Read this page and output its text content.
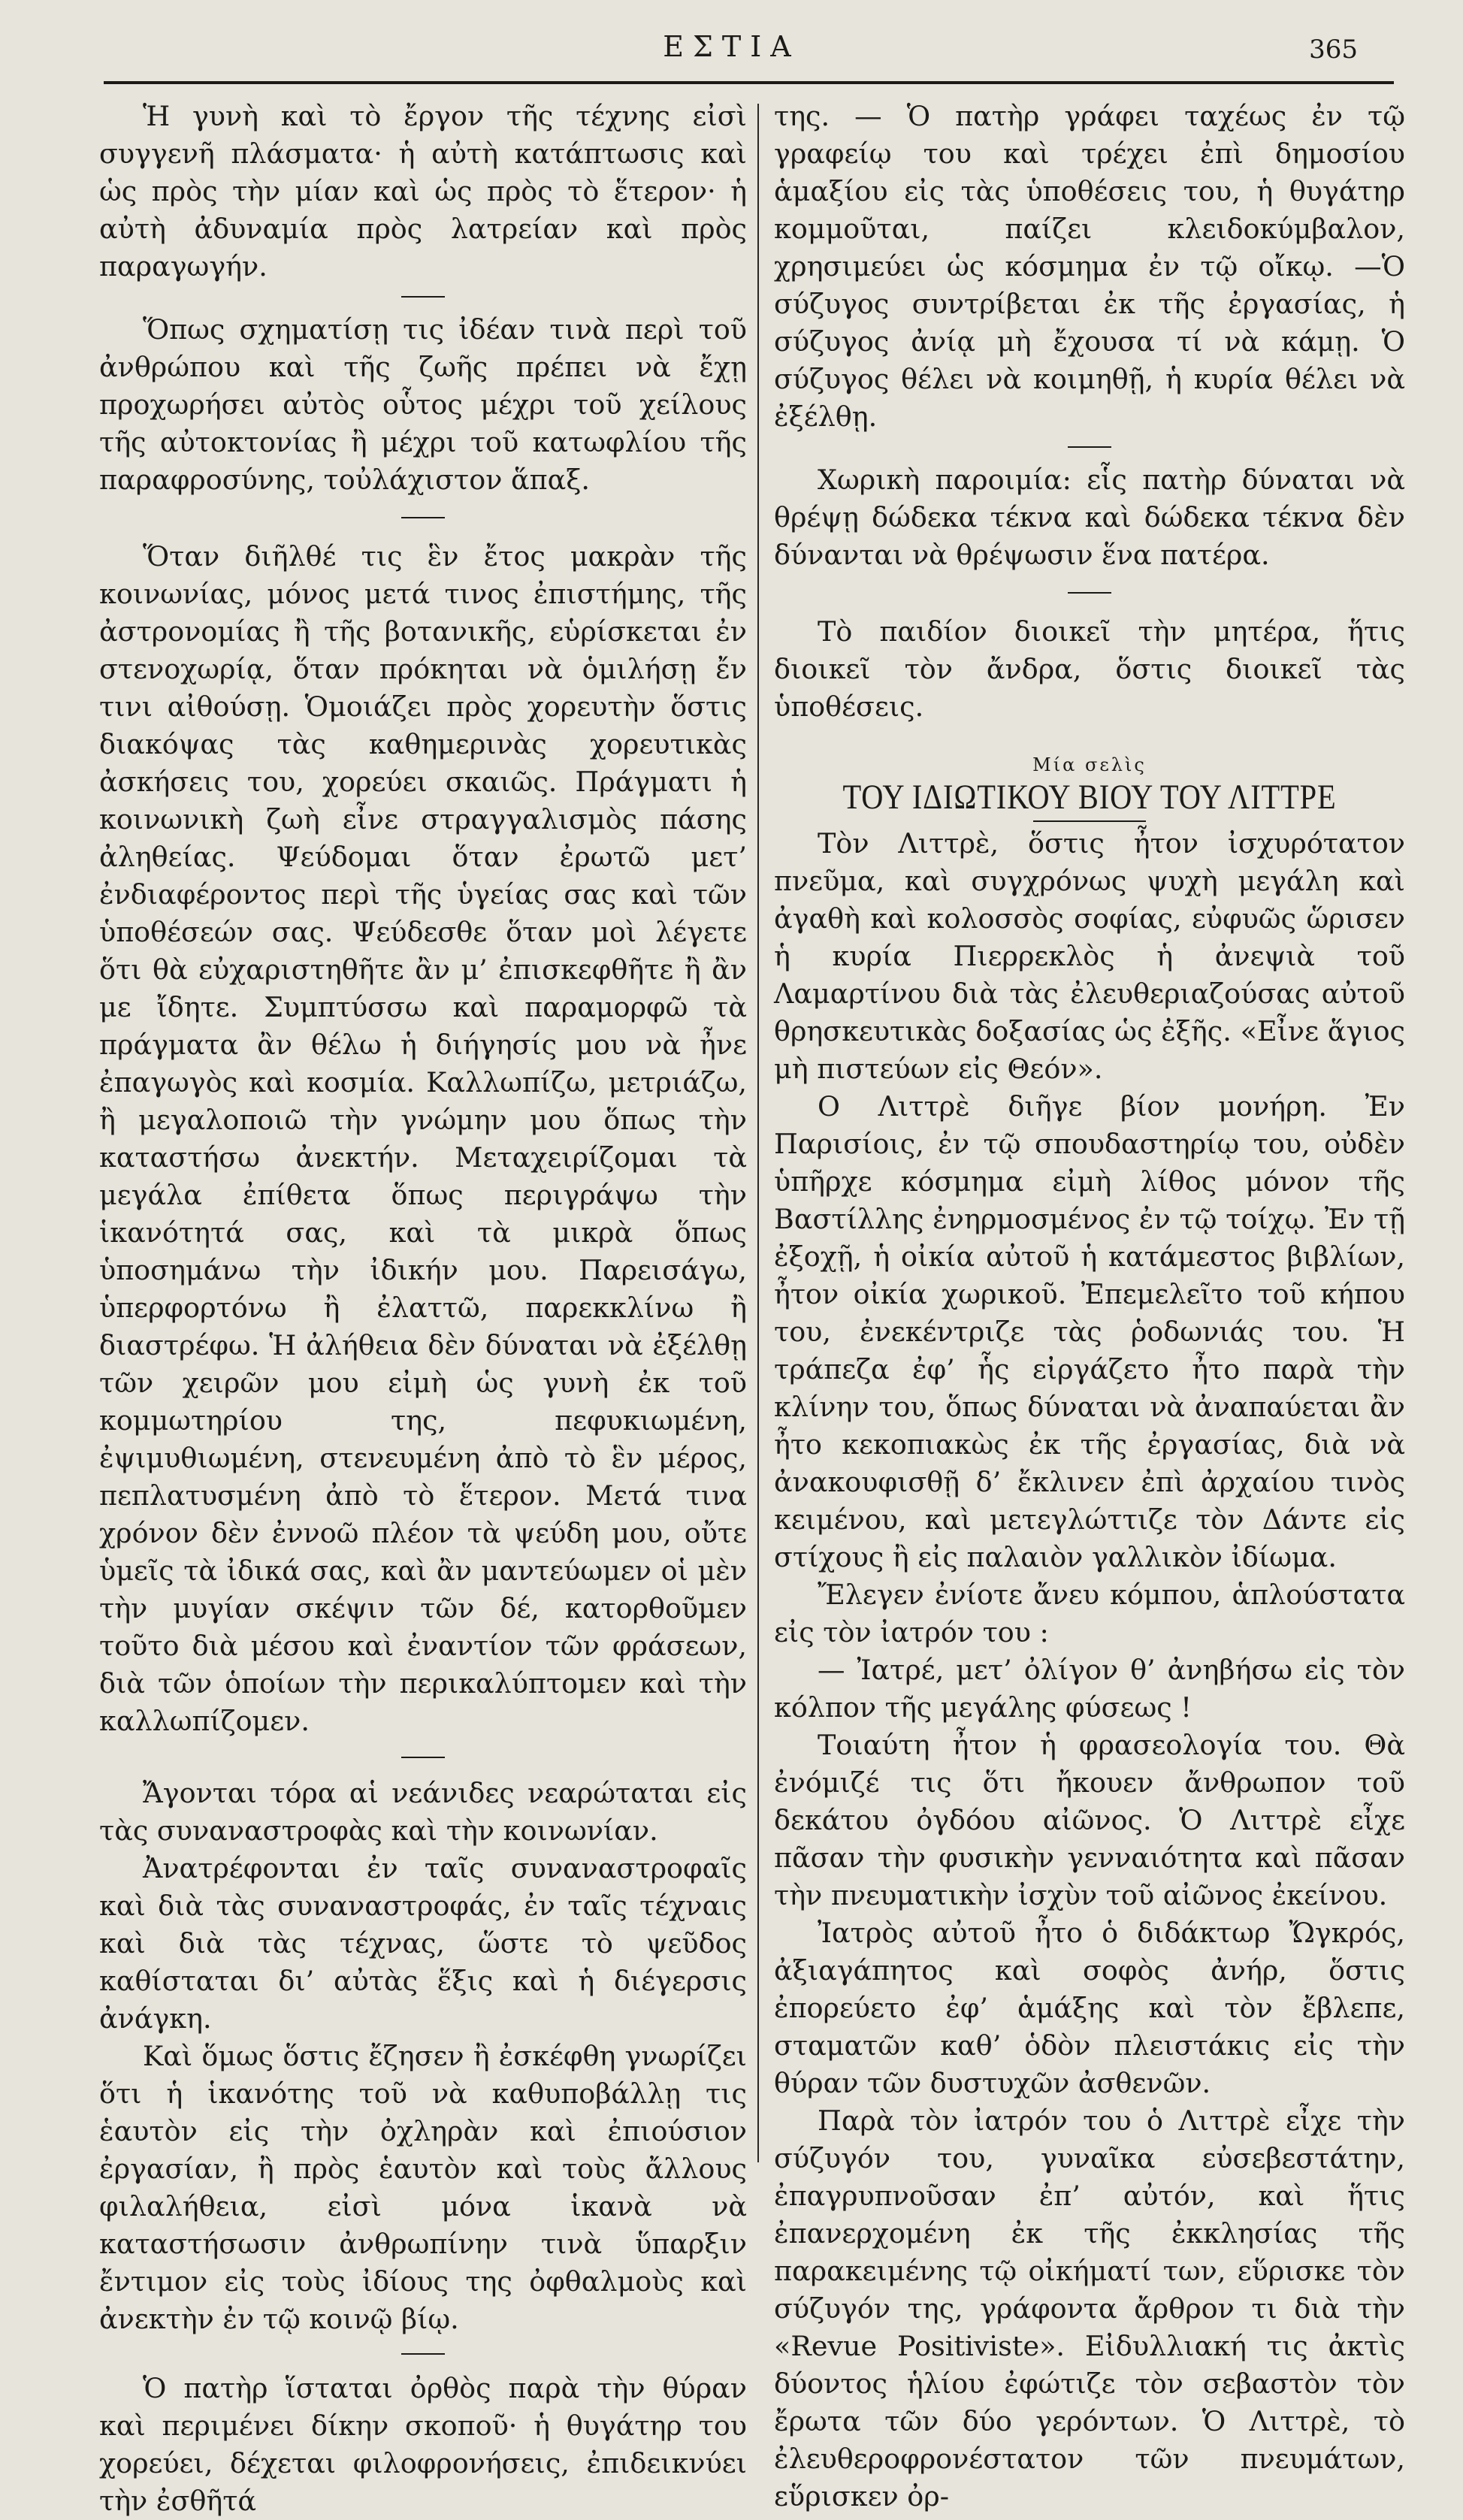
ΕΣΤΙΑ	365

Ἡ γυνὴ καὶ τὸ ἔργον τῆς τέχνης εἰσὶ συγγενῆ πλάσματα· ἡ αὐτὴ κατάπτωσις καὶ ὡς πρὸς τὴν μίαν καὶ ὡς πρὸς τὸ ἕτερον· ἡ αὐτὴ ἀδυναμία πρὸς λατρείαν καὶ πρὸς παραγωγήν.

Ὅπως σχηματίσῃ τις ἰδέαν τινὰ περὶ τοῦ ἀνθρώπου καὶ τῆς ζωῆς πρέπει νὰ ἔχῃ προχωρήσει αὐτὸς οὗτος μέχρι τοῦ χείλους τῆς αὐτοκτονίας ἢ μέχρι τοῦ κατωφλίου τῆς παραφροσύνης, τοὐλάχιστον ἅπαξ.

Ὅταν διῆλθέ τις ἓν ἔτος μακρὰν τῆς κοινωνίας, μόνος μετά τινος ἐπιστήμης, τῆς ἀστρονομίας ἢ τῆς βοτανικῆς, εὑρίσκεται ἐν στενοχωρίᾳ, ὅταν πρόκηται νὰ ὁμιλήσῃ ἔν τινι αἰθούσῃ. Ὁμοιάζει πρὸς χορευτὴν ὅστις διακόψας τὰς καθημερινὰς χορευτικὰς ἀσκήσεις του, χορεύει σκαιῶς. Πράγματι ἡ κοινωνικὴ ζωὴ εἶνε στραγγαλισμὸς πάσης ἀληθείας. Ψεύδομαι ὅταν ἐρωτῶ μετ’ ἐνδιαφέροντος περὶ τῆς ὑγείας σας καὶ τῶν ὑποθέσεών σας. Ψεύδεσθε ὅταν μοὶ λέγετε ὅτι θὰ εὐχαριστηθῆτε ἂν μ’ ἐπισκεφθῆτε ἢ ἂν με ἴδητε. Συμπτύσσω καὶ παραμορφῶ τὰ πράγματα ἂν θέλω ἡ διήγησίς μου νὰ ἦνε ἐπαγωγὸς καὶ κοσμία. Καλλωπίζω, μετριάζω, ἢ μεγαλοποιῶ τὴν γνώμην μου ὅπως τὴν καταστήσω ἀνεκτήν. Μεταχειρίζομαι τὰ μεγάλα ἐπίθετα ὅπως περιγράψω τὴν ἱκανότητά σας, καὶ τὰ μικρὰ ὅπως ὑποσημάνω τὴν ἰδικήν μου. Παρεισάγω, ὑπερφορτόνω ἢ ἐλαττῶ, παρεκκλίνω ἢ διαστρέφω. Ἡ ἀλήθεια δὲν δύναται νὰ ἐξέλθῃ τῶν χειρῶν μου εἰμὴ ὡς γυνὴ ἐκ τοῦ κομμωτηρίου της, πεφυκιωμένη, ἐψιμυθιωμένη, στενευμένη ἀπὸ τὸ ἓν μέρος, πεπλατυσμένη ἀπὸ τὸ ἕτερον. Μετά τινα χρόνον δὲν ἐννοῶ πλέον τὰ ψεύδη μου, οὔτε ὑμεῖς τὰ ἰδικά σας, καὶ ἂν μαντεύωμεν οἱ μὲν τὴν μυγίαν σκέψιν τῶν δέ, κατορθοῦμεν τοῦτο διὰ μέσου καὶ ἐναντίον τῶν φράσεων, διὰ τῶν ὁποίων τὴν περικαλύπτομεν καὶ τὴν καλλωπίζομεν.

Ἄγονται τόρα αἱ νεάνιδες νεαρώταται εἰς τὰς συναναστροφὰς καὶ τὴν κοινωνίαν.

Ἀνατρέφονται ἐν ταῖς συναναστροφαῖς καὶ διὰ τὰς συναναστροφάς, ἐν ταῖς τέχναις καὶ διὰ τὰς τέχνας, ὥστε τὸ ψεῦδος καθίσταται δι’ αὐτὰς ἕξις καὶ ἡ διέγερσις ἀνάγκη.

Καὶ ὅμως ὅστις ἔζησεν ἢ ἐσκέφθη γνωρίζει ὅτι ἡ ἱκανότης τοῦ νὰ καθυποβάλλῃ τις ἑαυτὸν εἰς τὴν ὀχληρὰν καὶ ἐπιούσιον ἐργασίαν, ἢ πρὸς ἑαυτὸν καὶ τοὺς ἄλλους φιλαλήθεια, εἰσὶ μόνα ἱκανὰ νὰ καταστήσωσιν ἀνθρωπίνην τινὰ ὕπαρξιν ἔντιμον εἰς τοὺς ἰδίους της ὀφθαλμοὺς καὶ ἀνεκτὴν ἐν τῷ κοινῷ βίῳ.

Ὁ πατὴρ ἵσταται ὀρθὸς παρὰ τὴν θύραν καὶ περιμένει δίκην σκοποῦ· ἡ θυγάτηρ του χορεύει, δέχεται φιλοφρονήσεις, ἐπιδεικνύει τὴν ἐσθῆτά

της. — Ὁ πατὴρ γράφει ταχέως ἐν τῷ γραφείῳ του καὶ τρέχει ἐπὶ δημοσίου ἁμαξίου εἰς τὰς ὑποθέσεις του, ἡ θυγάτηρ κομμοῦται, παίζει κλειδοκύμβαλον, χρησιμεύει ὡς κόσμημα ἐν τῷ οἴκῳ. —Ὁ σύζυγος συντρίβεται ἐκ τῆς ἐργασίας, ἡ σύζυγος ἀνίᾳ μὴ ἔχουσα τί νὰ κάμῃ. Ὁ σύζυγος θέλει νὰ κοιμηθῇ, ἡ κυρία θέλει νὰ ἐξέλθῃ.

Χωρικὴ παροιμία: εἷς πατὴρ δύναται νὰ θρέψῃ δώδεκα τέκνα καὶ δώδεκα τέκνα δὲν δύνανται νὰ θρέψωσιν ἕνα πατέρα.

Τὸ παιδίον διοικεῖ τὴν μητέρα, ἥτις διοικεῖ τὸν ἄνδρα, ὅστις διοικεῖ τὰς ὑποθέσεις.

Μία σελὶς
ΤΟΥ ΙΔΙΩΤΙΚΟΥ ΒΙΟΥ ΤΟΥ ΛΙΤΤΡΕ

Τὸν Λιττρὲ, ὅστις ἦτον ἰσχυρότατον πνεῦμα, καὶ συγχρόνως ψυχὴ μεγάλη καὶ ἀγαθὴ καὶ κολοσσὸς σοφίας, εὐφυῶς ὥρισεν ἡ κυρία Πιερρεκλὸς ἡ ἀνεψιὰ τοῦ Λαμαρτίνου διὰ τὰς ἐλευθεριαζούσας αὐτοῦ θρησκευτικὰς δοξασίας ὡς ἐξῆς. «Εἶνε ἅγιος μὴ πιστεύων εἰς Θεόν».

Ο Λιττρὲ διῆγε βίον μονήρη. Ἐν Παρισίοις, ἐν τῷ σπουδαστηρίῳ του, οὐδὲν ὑπῆρχε κόσμημα εἰμὴ λίθος μόνον τῆς Βαστίλλης ἐνηρμοσμένος ἐν τῷ τοίχῳ. Ἐν τῇ ἐξοχῇ, ἡ οἰκία αὐτοῦ ἡ κατάμεστος βιβλίων, ἦτον οἰκία χωρικοῦ. Ἐπεμελεῖτο τοῦ κήπου του, ἐνεκέντριζε τὰς ῥοδωνιάς του. Ἡ τράπεζα ἐφ’ ἧς εἰργάζετο ἦτο παρὰ τὴν κλίνην του, ὅπως δύναται νὰ ἀναπαύεται ἂν ἦτο κεκοπιακὼς ἐκ τῆς ἐργασίας, διὰ νὰ ἀνακουφισθῇ δ’ ἔκλινεν ἐπὶ ἀρχαίου τινὸς κειμένου, καὶ μετεγλώττιζε τὸν Δάντε εἰς στίχους ἢ εἰς παλαιὸν γαλλικὸν ἰδίωμα.

Ἔλεγεν ἐνίοτε ἄνευ κόμπου, ἁπλούστατα εἰς τὸν ἰατρόν του :

— Ἰατρέ, μετ’ ὀλίγον θ’ ἀνηβήσω εἰς τὸν κόλπον τῆς μεγάλης φύσεως !

Τοιαύτη ἦτον ἡ φρασεολογία του. Θὰ ἐνόμιζέ τις ὅτι ἤκουεν ἄνθρωπον τοῦ δεκάτου ὀγδόου αἰῶνος. Ὁ Λιττρὲ εἶχε πᾶσαν τὴν φυσικὴν γενναιότητα καὶ πᾶσαν τὴν πνευματικὴν ἰσχὺν τοῦ αἰῶνος ἐκείνου.

Ἰατρὸς αὐτοῦ ἦτο ὁ διδάκτωρ Ὤγκρός, ἀξιαγάπητος καὶ σοφὸς ἀνήρ, ὅστις ἐπορεύετο ἐφ’ ἁμάξης καὶ τὸν ἔβλεπε, σταματῶν καθ’ ὁδὸν πλειστάκις εἰς τὴν θύραν τῶν δυστυχῶν ἀσθενῶν.

Παρὰ τὸν ἰατρόν του ὁ Λιττρὲ εἶχε τὴν σύζυγόν του, γυναῖκα εὐσεβεστάτην, ἐπαγρυπνοῦσαν ἐπ’ αὐτόν, καὶ ἥτις ἐπανερχομένη ἐκ τῆς ἐκκλησίας τῆς παρακειμένης τῷ οἰκήματί των, εὕρισκε τὸν σύζυγόν της, γράφοντα ἄρθρον τι διὰ τὴν «Revue Positiviste». Εἰδυλλιακή τις ἀκτὶς δύοντος ἡλίου ἐφώτιζε τὸν σεβαστὸν τὸν ἔρωτα τῶν δύο γερόντων. Ὁ Λιττρὲ, τὸ ἐλευθεροφρονέστατον τῶν πνευμάτων, εὕρισκεν ὀρ-
